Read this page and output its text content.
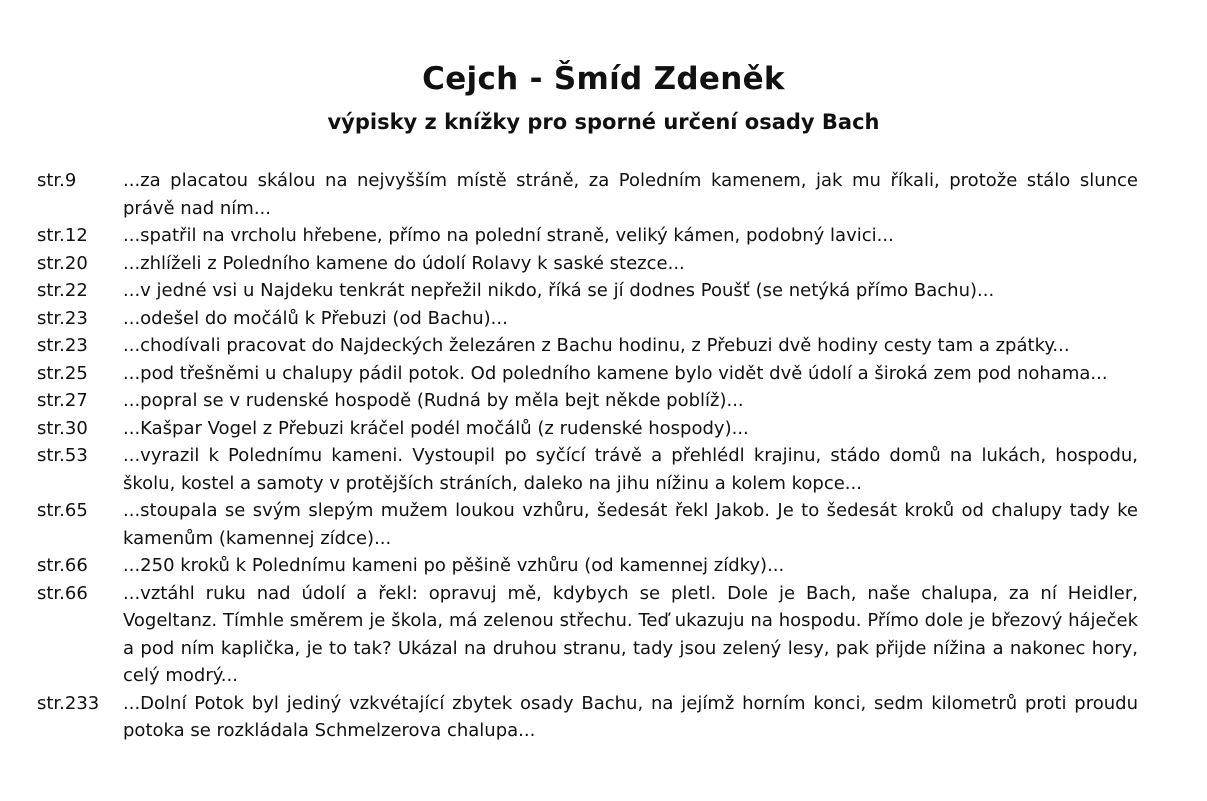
Cejch - Šmíd Zdeněk
výpisky z knížky pro sporné určení osady Bach
str.9	...za placatou skálou na nejvyšším místě stráně, za Poledním kamenem, jak mu říkali, protože stálo slunce právě nad ním...
str.12	...spatřil na vrcholu hřebene, přímo na polední straně, veliký kámen, podobný lavici...
str.20	...zhlíželi z Poledního kamene do údolí Rolavy k saské stezce...
str.22	...v jedné vsi u Najdeku tenkrát nepřežil nikdo, říká se jí dodnes Poušť (se netýká přímo Bachu)...
str.23	...odešel do močálů k Přebuzi (od Bachu)...
str.23	...chodívali pracovat do Najdeckých železáren z Bachu hodinu, z Přebuzi dvě hodiny cesty tam a zpátky...
str.25	...pod třešněmi u chalupy pádil potok. Od poledního kamene bylo vidět dvě údolí a široká zem pod nohama...
str.27	...popral se v rudenské hospodě (Rudná by měla bejt někde poblíž)...
str.30	...Kašpar Vogel z Přebuzi kráčel podél močálů (z rudenské hospody)...
str.53	...vyrazil k Polednímu kameni. Vystoupil po syčící trávě a přehlédl krajinu, stádo domů na lukách, hospodu, školu, kostel a samoty v protějších stráních, daleko na jihu nížinu a kolem kopce...
str.65	...stoupala se svým slepým mužem loukou vzhůru, šedesát řekl Jakob. Je to šedesát kroků od chalupy tady ke kamenům (kamennej zídce)...
str.66	...250 kroků k Polednímu kameni po pěšině vzhůru (od kamennej zídky)...
str.66	...vztáhl ruku nad údolí a řekl: opravuj mě, kdybych se pletl. Dole je Bach, naše chalupa, za ní Heidler, Vogeltanz. Tímhle směrem je škola, má zelenou střechu. Teď ukazuju na hospodu. Přímo dole je březový háječek a pod ním kaplička, je to tak? Ukázal na druhou stranu, tady jsou zelený lesy, pak přijde nížina a nakonec hory, celý modrý...
str.233	...Dolní Potok byl jediný vzkvétající zbytek osady Bachu, na jejímž horním konci, sedm kilometrů proti proudu potoka se rozkládala Schmelzerova chalupa...
